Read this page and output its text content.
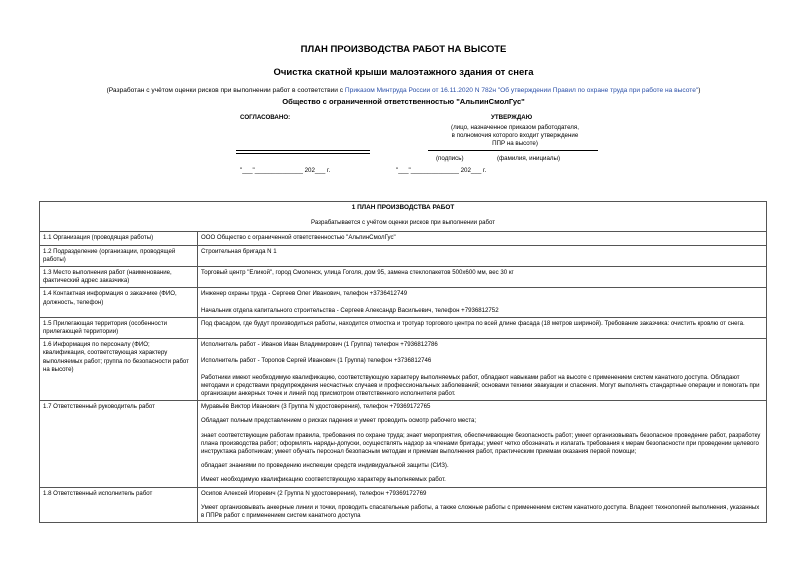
ПЛАН ПРОИЗВОДСТВА РАБОТ НА ВЫСОТЕ
Очистка скатной крыши малоэтажного здания от снега
(Разработан с учётом оценки рисков при выполнении работ в соответствии с Приказом Минтруда России от 16.11.2020 N 782н "Об утверждении Правил по охране труда при работе на высоте")
Общество с ограниченной ответственностью "АльпинСмолГус"
СОГЛАСОВАНО:	УТВЕРЖДАЮ
(лицо, назначенное приказом работодателя,
в полномочия которого входит утверждение
ППР на высоте)
(подпись)	(фамилия, инициалы)
"___"______________ 202___ г.	"___"______________ 202___ г.
1 ПЛАН ПРОИЗВОДСТВА РАБОТ
Разрабатывается с учётом оценки рисков при выполнении работ	

1.1 Организация (проводящая работы)	ООО Общество с ограниченной ответственностью "АльпинСмолГус"
1.2 Подразделение (организации, проводящей работы)	Строительная бригада N 1
1.3 Место выполнения работ (наименование, фактический адрес заказчика)	Торговый центр "Еликой", город Смоленск, улица Гоголя, дом 95, замена стеклопакетов 500х600 мм, вес 30 кг
1.4 Контактная информация о заказчике (ФИО, должность, телефон)	Инженер охраны труда - Сергеев Олег Иванович, телефон +3736412749

Начальник отдела капитального строительства - Сергеев Александр Васильевич, телефон +7936812752

1.5 Прилегающая территория (особенности прилегающей территории)	Под фасадом, где будут производиться работы, находится отмостка и тротуар торгового центра по всей длине фасада (18 метров шириной). Требование заказчика: очистить кровлю от снега.
1.6 Информация по персоналу (ФИО; квалификация, соответствующая характеру выполняемых работ; группа по безопасности работ на высоте)	Исполнитель работ - Иванов Иван Владимирович (1 Группа) телефон +7936812786

Исполнитель работ - Торопов Сергей Иванович (1 Группа) телефон +3736812746

Работники имеют необходимую квалификацию, соответствующую характеру выполняемых работ, обладают навыками работ на высоте с применением систем канатного доступа. Обладают методами и средствами предупреждения несчастных случаев и профессиональных заболеваний; основами техники эвакуации и спасения. Могут выполнять стандартные операции и помогать при организации анкерных точек и линий под присмотром ответственного исполнителя работ.

1.7 Ответственный руководитель работ	Муравьёв Виктор Иванович (3 Группа N удостоверения), телефон +79369172765

Обладает полным представлением о рисках падения и умеет проводить осмотр рабочего места;

знает соответствующие работам правила, требования по охране труда; знает мероприятия, обеспечивающие безопасность работ; умеет организовывать безопасное проведение работ, разработку плана производства работ; оформлять наряды-допуски, осуществлять надзор за членами бригады; умеет четко обозначать и излагать требования к мерам безопасности при проведении целевого инструктажа работникам; умеет обучать персонал безопасным методам и приемам выполнения работ, практическим приемам оказания первой помощи;

обладает знаниями по проведению инспекции средств индивидуальной защиты (СИЗ).

Имеет необходимую квалификацию соответствующую характеру выполняемых работ.

1.8 Ответственный исполнитель работ	Осипов Алексей Игоревич (2 Группа N удостоверения), телефон +79369172769

Умеет организовывать анкерные линии и точки, проводить спасательные работы, а также сложные работы с применением систем канатного доступа. Владеет технологией выполнения, указанных в ППРв работ с применением систем канатного доступа
